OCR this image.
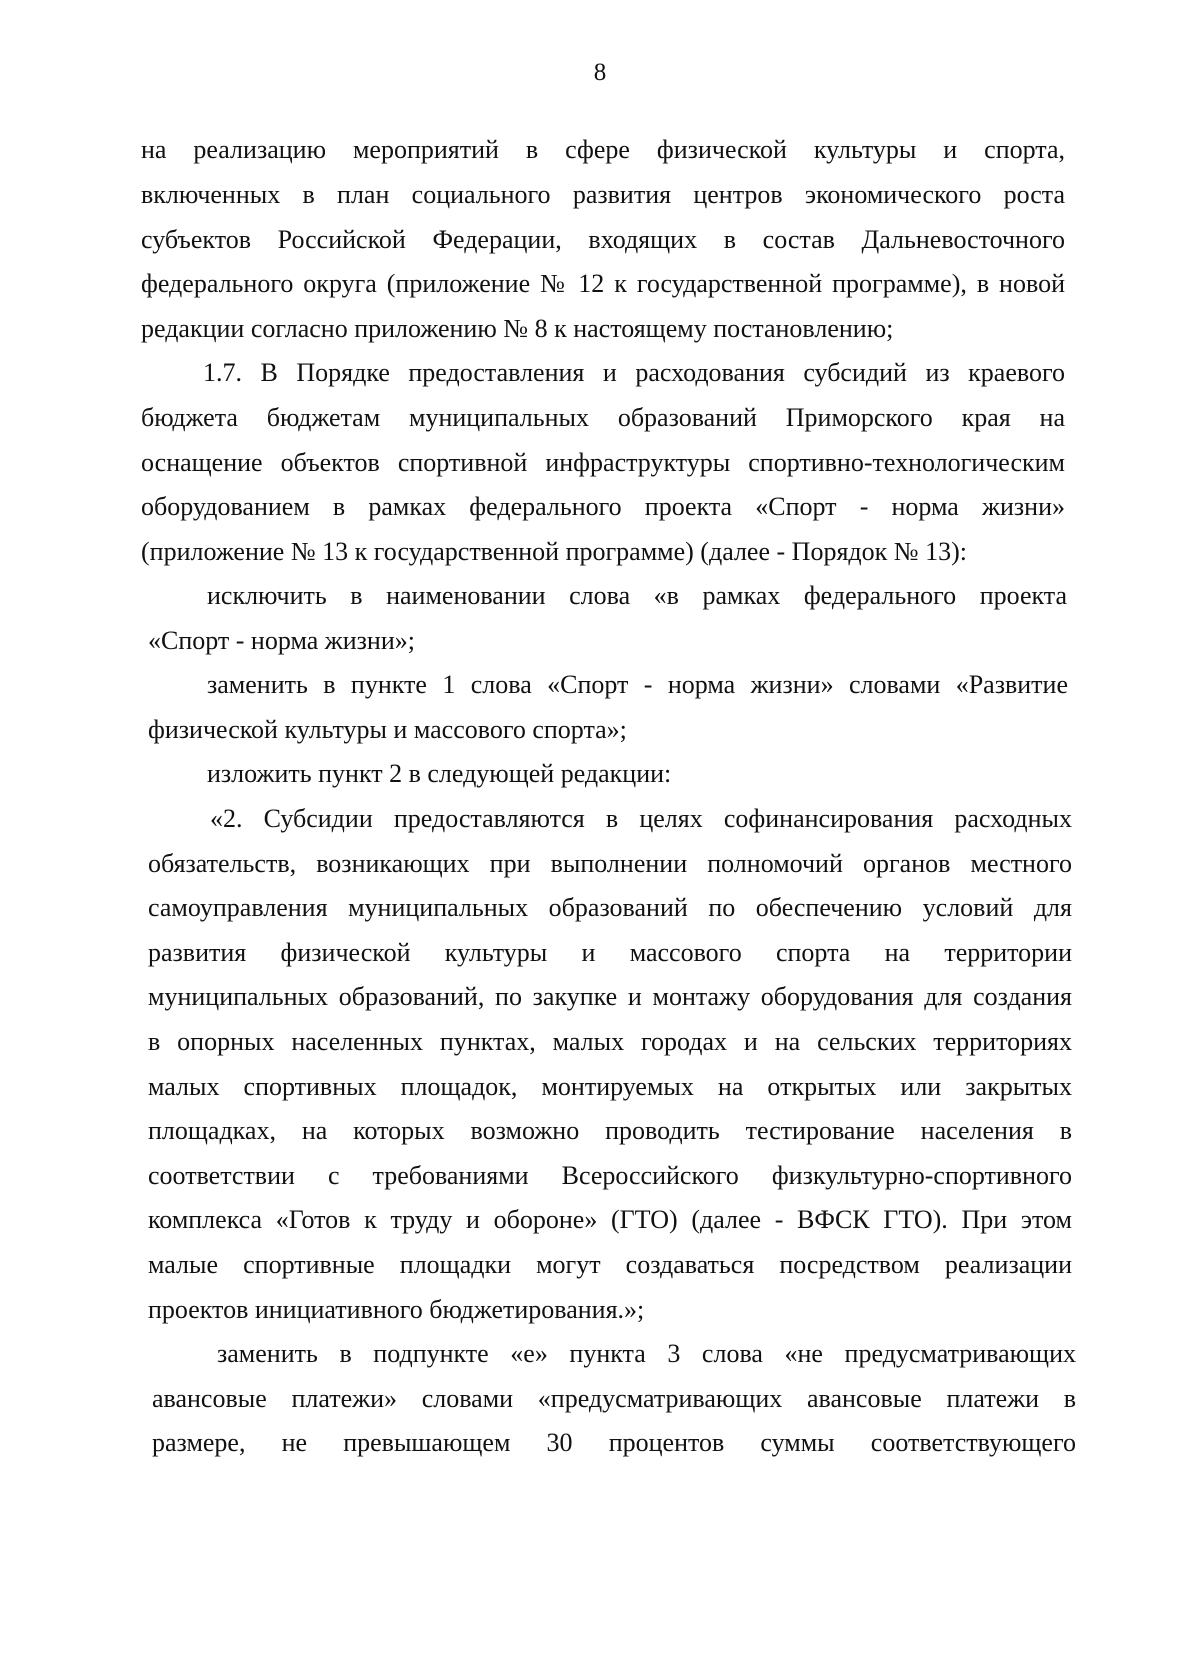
8
на реализацию мероприятий в сфере физической культуры и спорта,
включенных в план социального развития центров экономического роста
субъектов Российской Федерации, входящих в состав Дальневосточного
федерального округа (приложение № 12 к государственной программе), в новой
редакции согласно приложению № 8 к настоящему постановлению;
1.7. В Порядке предоставления и расходования субсидий из краевого
бюджета бюджетам муниципальных образований Приморского края на
оснащение объектов спортивной инфраструктуры спортивно-технологическим
оборудованием в рамках федерального проекта «Спорт - норма жизни»
(приложение № 13 к государственной программе) (далее - Порядок № 13):
исключить в наименовании слова «в рамках федерального проекта
«Спорт - норма жизни»;
заменить в пункте 1 слова «Спорт - норма жизни» словами «Развитие
физической культуры и массового спорта»;
изложить пункт 2 в следующей редакции:
«2. Субсидии предоставляются в целях софинансирования расходных
обязательств, возникающих при выполнении полномочий органов местного
самоуправления муниципальных образований по обеспечению условий для
развития физической культуры и массового спорта на территории
муниципальных образований, по закупке и монтажу оборудования для создания
в опорных населенных пунктах, малых городах и на сельских территориях
малых спортивных площадок, монтируемых на открытых или закрытых
площадках, на которых возможно проводить тестирование населения в
соответствии с требованиями Всероссийского физкультурно-спортивного
комплекса «Готов к труду и обороне» (ГТО) (далее - ВФСК ГТО). При этом
малые спортивные площадки могут создаваться посредством реализации
проектов инициативного бюджетирования.»;
заменить в подпункте «е» пункта 3 слова «не предусматривающих
авансовые платежи» словами «предусматривающих авансовые платежи в
размере, не превышающем 30 процентов суммы соответствующего
